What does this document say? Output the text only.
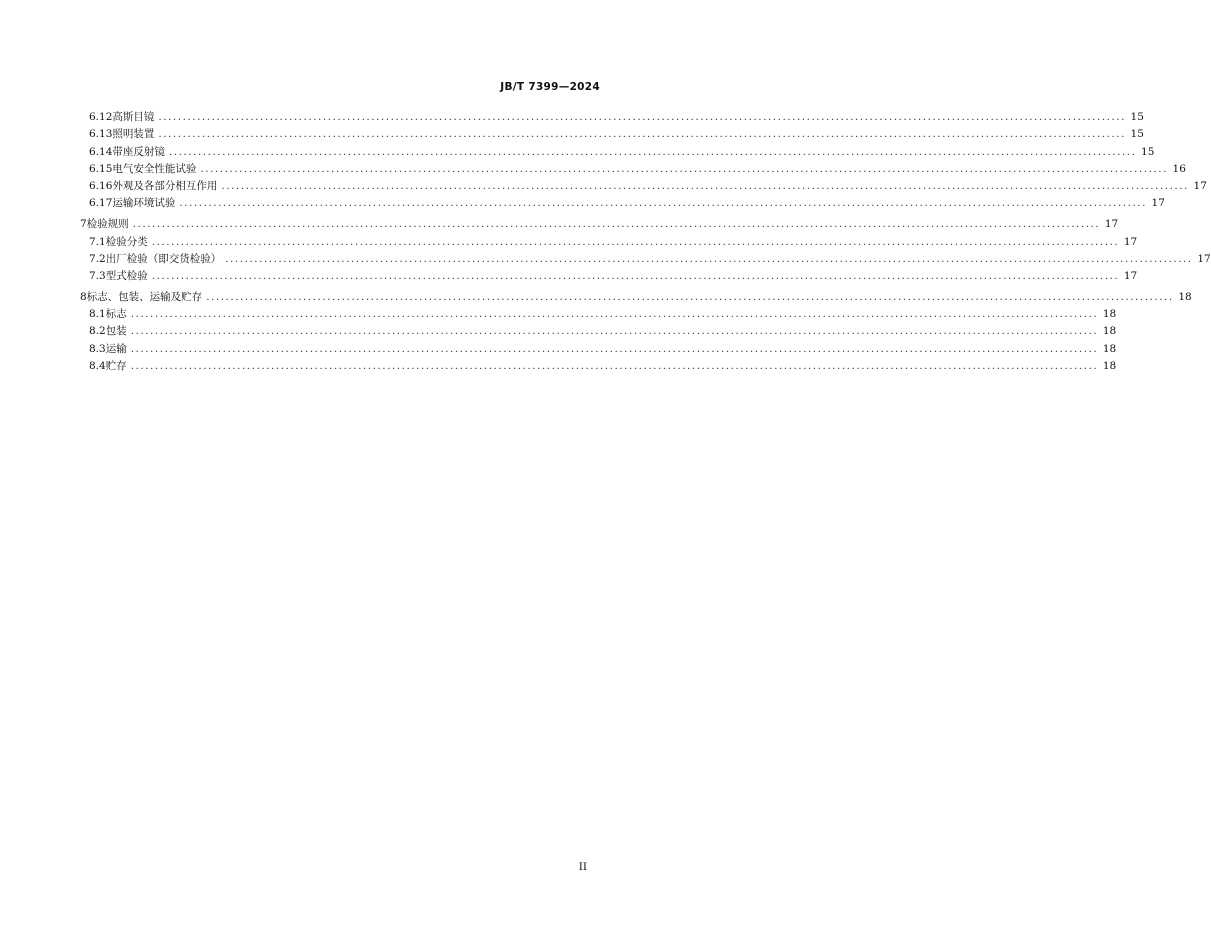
JB/T 7399—2024
6.12 高斯目镜 ........................................................................................................................................................................................................ 15
6.13 照明装置 ........................................................................................................................................................................................................ 15
6.14 带座反射镜 ........................................................................................................................................................................................................ 15
6.15 电气安全性能试验 ........................................................................................................................................................................................................ 16
6.16 外观及各部分相互作用 ........................................................................................................................................................................................................ 17
6.17 运输环境试验 ........................................................................................................................................................................................................ 17
7 检验规则 ........................................................................................................................................................................................................ 17
7.1 检验分类 ........................................................................................................................................................................................................ 17
7.2 出厂检验（即交货检验） ........................................................................................................................................................................................................ 17
7.3 型式检验 ........................................................................................................................................................................................................ 17
8 标志、包装、运输及贮存 ........................................................................................................................................................................................................ 18
8.1 标志 ........................................................................................................................................................................................................ 18
8.2 包装 ........................................................................................................................................................................................................ 18
8.3 运输 ........................................................................................................................................................................................................ 18
8.4 贮存 ........................................................................................................................................................................................................ 18
II
